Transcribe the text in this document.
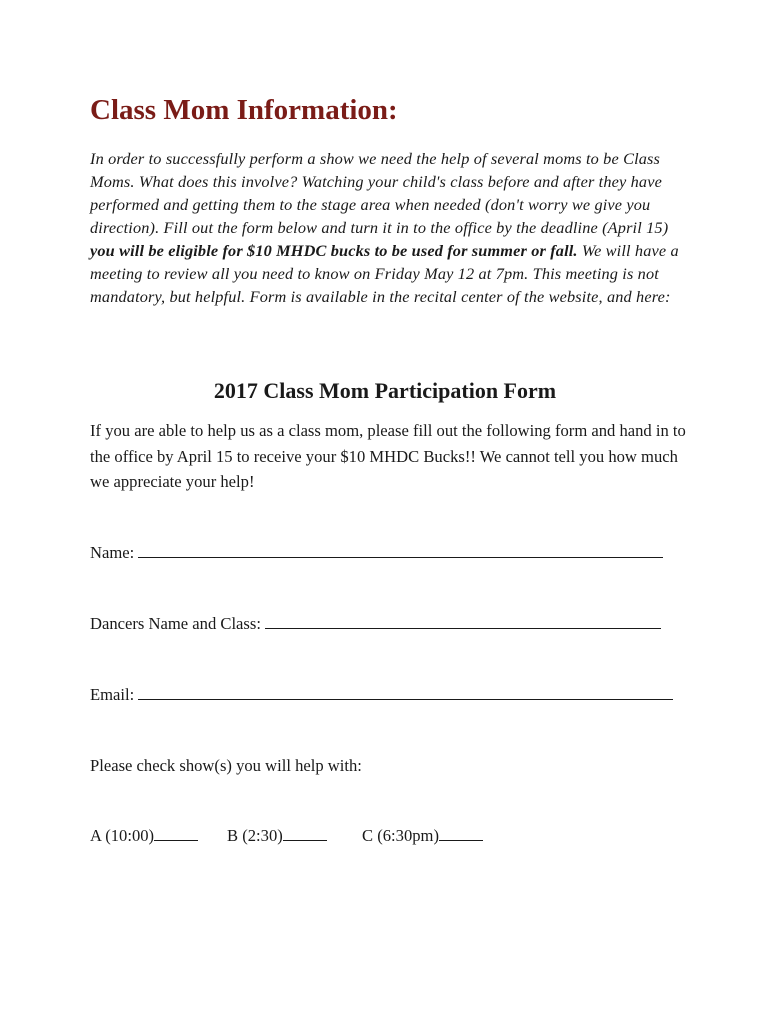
Class Mom Information:

In order to successfully perform a show we need the help of several moms to be Class Moms. What does this involve? Watching your child's class before and after they have performed and getting them to the stage area when needed (don't worry we give you direction). Fill out the form below and turn it in to the office by the deadline (April 15) you will be eligible for $10 MHDC bucks to be used for summer or fall. We will have a meeting to review all you need to know on Friday May 12 at 7pm. This meeting is not mandatory, but helpful. Form is available in the recital center of the website, and here:

2017 Class Mom Participation Form

If you are able to help us as a class mom, please fill out the following form and hand in to the office by April 15 to receive your $10 MHDC Bucks!! We cannot tell you how much we appreciate your help!

Name:

Dancers Name and Class:

Email:

Please check show(s) you will help with:

A (10:00)	B (2:30)	C (6:30pm)
